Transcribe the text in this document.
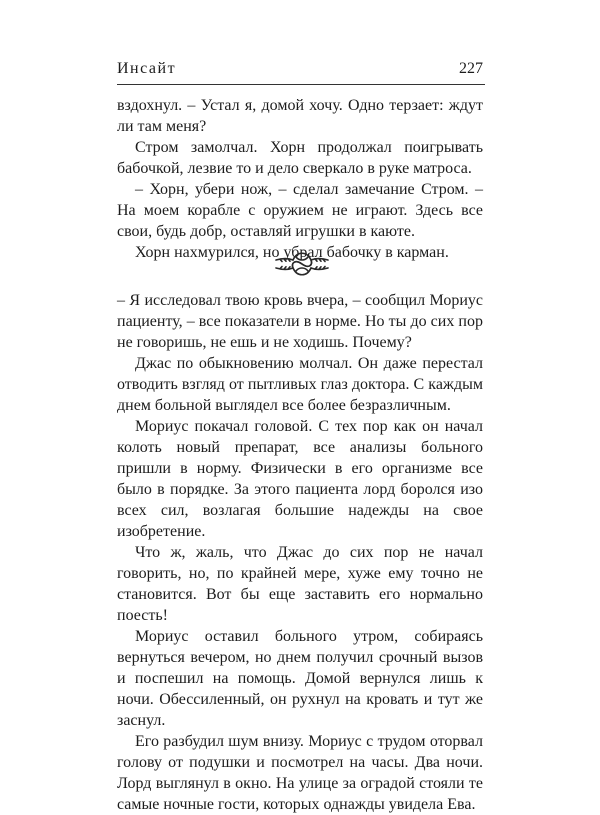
Инсайт	227

вздохнул. – Устал я, домой хочу. Одно терзает: ждут ли там меня?

Стром замолчал. Хорн продолжал поигрывать бабочкой, лезвие то и дело сверкало в руке матроса.

– Хорн, убери нож, – сделал замечание Стром. – На моем корабле с оружием не играют. Здесь все свои, будь добр, оставляй игрушки в каюте.

Хорн нахмурился, но убрал бабочку в карман.

– Я исследовал твою кровь вчера, – сообщил Мориус пациенту, – все показатели в норме. Но ты до сих пор не говоришь, не ешь и не ходишь. Почему?

Джас по обыкновению молчал. Он даже перестал отводить взгляд от пытливых глаз доктора. С каждым днем больной выглядел все более безразличным.

Мориус покачал головой. С тех пор как он начал колоть новый препарат, все анализы больного пришли в норму. Физически в его организме все было в порядке. За этого пациента лорд боролся изо всех сил, возлагая большие надежды на свое изобретение.

Что ж, жаль, что Джас до сих пор не начал говорить, но, по крайней мере, хуже ему точно не становится. Вот бы еще заставить его нормально поесть!

Мориус оставил больного утром, собираясь вернуться вечером, но днем получил срочный вызов и поспешил на помощь. Домой вернулся лишь к ночи. Обессиленный, он рухнул на кровать и тут же заснул.

Его разбудил шум внизу. Мориус с трудом оторвал голову от подушки и посмотрел на часы. Два ночи. Лорд выглянул в окно. На улице за оградой стояли те самые ночные гости, которых однажды увидела Ева.
